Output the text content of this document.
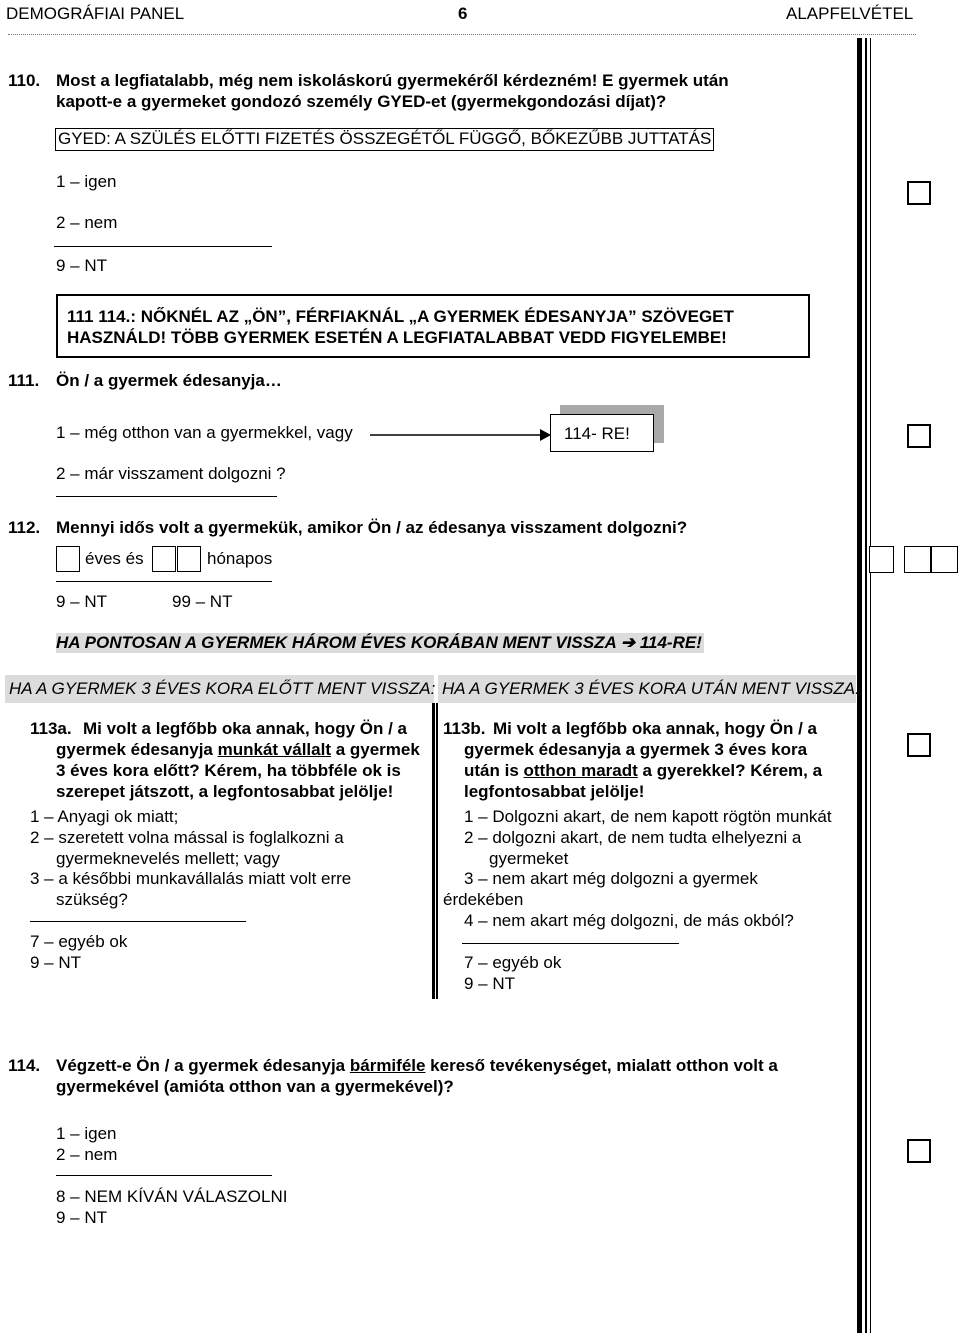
DEMOGRÁFIAI PANEL	6	ALAPFELVÉTEL
110. Most a legfiatalabb, még nem iskoláskorú gyermekéről kérdezném! E gyermek után
kapott-e a gyermeket gondozó személy GYED-et (gyermekgondozási díjat)?
GYED: A SZÜLÉS ELŐTTI FIZETÉS ÖSSZEGÉTŐL FÜGGŐ, BŐKEZŰBB JUTTATÁS
1 – igen
2 – nem
9 – NT
111 114.: NŐKNÉL AZ „ÖN”, FÉRFIAKNÁL „A GYERMEK ÉDESANYJA” SZÖVEGET
HASZNÁLD! TÖBB GYERMEK ESETÉN A LEGFIATALABBAT VEDD FIGYELEMBE!
111. Ön / a gyermek édesanyja…
1 – még otthon van a gyermekkel, vagy	114- RE!
2 – már visszament dolgozni ?
112. Mennyi idős volt a gyermekük, amikor Ön / az édesanya visszament dolgozni?
éves és	hónapos
9 – NT	99 – NT
HA PONTOSAN A GYERMEK HÁROM ÉVES KORÁBAN MENT VISSZA ➔ 114-RE!
HA A GYERMEK 3 ÉVES KORA ELŐTT MENT VISSZA: HA A GYERMEK 3 ÉVES KORA UTÁN MENT VISSZA:
113a. Mi volt a legfőbb oka annak, hogy Ön / a
gyermek édesanyja munkát vállalt a gyermek
3 éves kora előtt? Kérem, ha többféle ok is
szerepet játszott, a legfontosabbat jelölje!
1 – Anyagi ok miatt;
2 – szeretett volna mással is foglalkozni a
gyermeknevelés mellett; vagy
3 – a későbbi munkavállalás miatt volt erre
szükség?
7 – egyéb ok
9 – NT
113b. Mi volt a legfőbb oka annak, hogy Ön / a
gyermek édesanyja a gyermek 3 éves kora
után is otthon maradt a gyerekkel? Kérem, a
legfontosabbat jelölje!
1 – Dolgozni akart, de nem kapott rögtön munkát
2 – dolgozni akart, de nem tudta elhelyezni a
gyermeket
3 – nem akart még dolgozni a gyermek
érdekében
4 – nem akart még dolgozni, de más okból?
7 – egyéb ok
9 – NT
114. Végzett-e Ön / a gyermek édesanyja bármiféle kereső tevékenységet, mialatt otthon volt a
gyermekével (amióta otthon van a gyermekével)?
1 – igen
2 – nem
8 – NEM KÍVÁN VÁLASZOLNI
9 – NT
